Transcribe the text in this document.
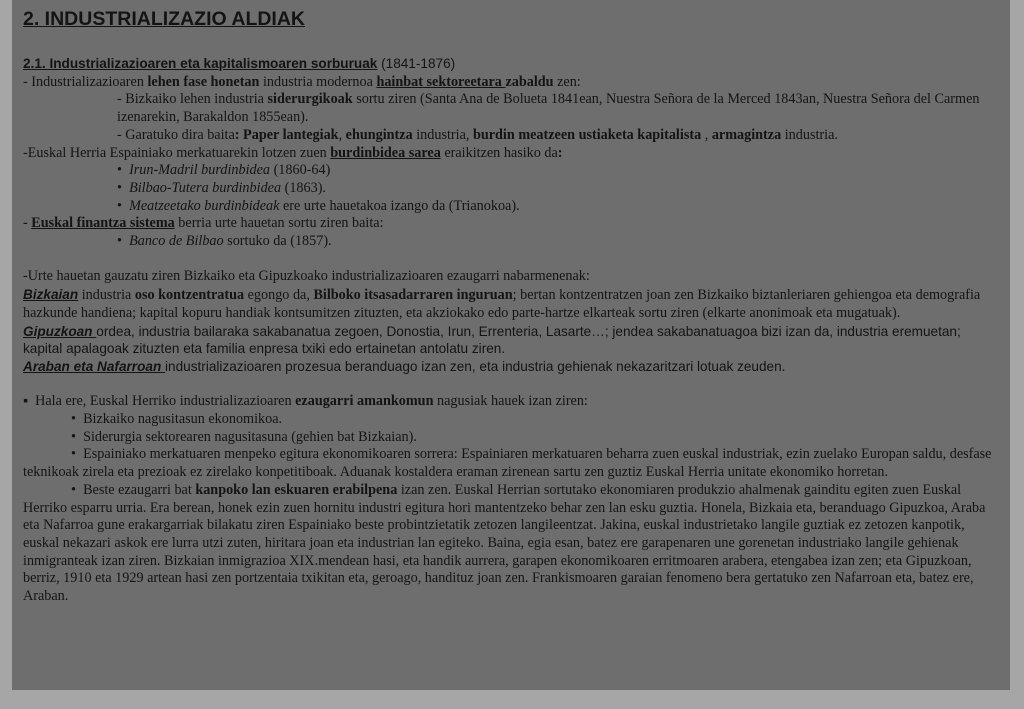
2. INDUSTRIALIZAZIO ALDIAK

2.1. Industrializazioaren eta kapitalismoaren sorburuak (1841-1876)

- Industrializazioaren lehen fase honetan industria modernoa hainbat sektoreetara zabaldu zen:

- Bizkaiko lehen industria siderurgikoak sortu ziren (Santa Ana de Bolueta 1841ean, Nuestra Señora de la Merced 1843an, Nuestra Señora del Carmen izenarekin, Barakaldon 1855ean).

- Garatuko dira baita: Paper lantegiak, ehungintza industria, burdin meatzeen ustiaketa kapitalista , armagintza industria.

-Euskal Herria Espainiako merkatuarekin lotzen zuen burdinbidea sarea eraikitzen hasiko da:

• Irun-Madril burdinbidea (1860-64)

• Bilbao-Tutera burdinbidea (1863).

• Meatzeetako burdinbideak ere urte hauetakoa izango da (Trianokoa).

- Euskal finantza sistema berria urte hauetan sortu ziren baita:

• Banco de Bilbao sortuko da (1857).

-Urte hauetan gauzatu ziren Bizkaiko eta Gipuzkoako industrializazioaren ezaugarri nabarmenenak:

Bizkaian industria oso kontzentratua egongo da, Bilboko itsasadarraren inguruan; bertan kontzentratzen joan zen Bizkaiko biztanleriaren gehiengoa eta demografia hazkunde handiena; kapital kopuru handiak kontsumitzen zituzten, eta akziokako edo parte-hartze elkarteak sortu ziren (elkarte anonimoak eta mugatuak).

Gipuzkoan ordea, industria bailaraka sakabanatua zegoen, Donostia, Irun, Errenteria, Lasarte…; jendea sakabanatuagoa bizi izan da, industria eremuetan; kapital apalagoak zituzten eta familia enpresa txiki edo ertainetan antolatu ziren.

Araban eta Nafarroan industrializazioaren prozesua beranduago izan zen, eta industria gehienak nekazaritzari lotuak zeuden.

▪ Hala ere, Euskal Herriko industrializazioaren ezaugarri amankomun nagusiak hauek izan ziren:

• Bizkaiko nagusitasun ekonomikoa.

• Siderurgia sektorearen nagusitasuna (gehien bat Bizkaian).

• Espainiako merkatuaren menpeko egitura ekonomikoaren sorrera: Espainiaren merkatuaren beharra zuen euskal industriak, ezin zuelako Europan saldu, desfase teknikoak zirela eta prezioak ez zirelako konpetitiboak. Aduanak kostaldera eraman zirenean sartu zen guztiz Euskal Herria unitate ekonomiko horretan.

• Beste ezaugarri bat kanpoko lan eskuaren erabilpena izan zen. Euskal Herrian sortutako ekonomiaren produkzio ahalmenak gainditu egiten zuen Euskal Herriko esparru urria. Era berean, honek ezin zuen hornitu industri egitura hori mantentzeko behar zen lan esku guztia. Honela, Bizkaia eta, beranduago Gipuzkoa, Araba eta Nafarroa gune erakargarriak bilakatu ziren Espainiako beste probintzietatik zetozen langileentzat. Jakina, euskal industrietako langile guztiak ez zetozen kanpotik, euskal nekazari askok ere lurra utzi zuten, hiritara joan eta industrian lan egiteko. Baina, egia esan, batez ere garapenaren une gorenetan industriako langile gehienak inmigranteak izan ziren. Bizkaian inmigrazioa XIX.mendean hasi, eta handik aurrera, garapen ekonomikoaren erritmoaren arabera, etengabea izan zen; eta Gipuzkoan, berriz, 1910 eta 1929 artean hasi zen portzentaia txikitan eta, geroago, handituz joan zen. Frankismoaren garaian fenomeno bera gertatuko zen Nafarroan eta, batez ere, Araban.
